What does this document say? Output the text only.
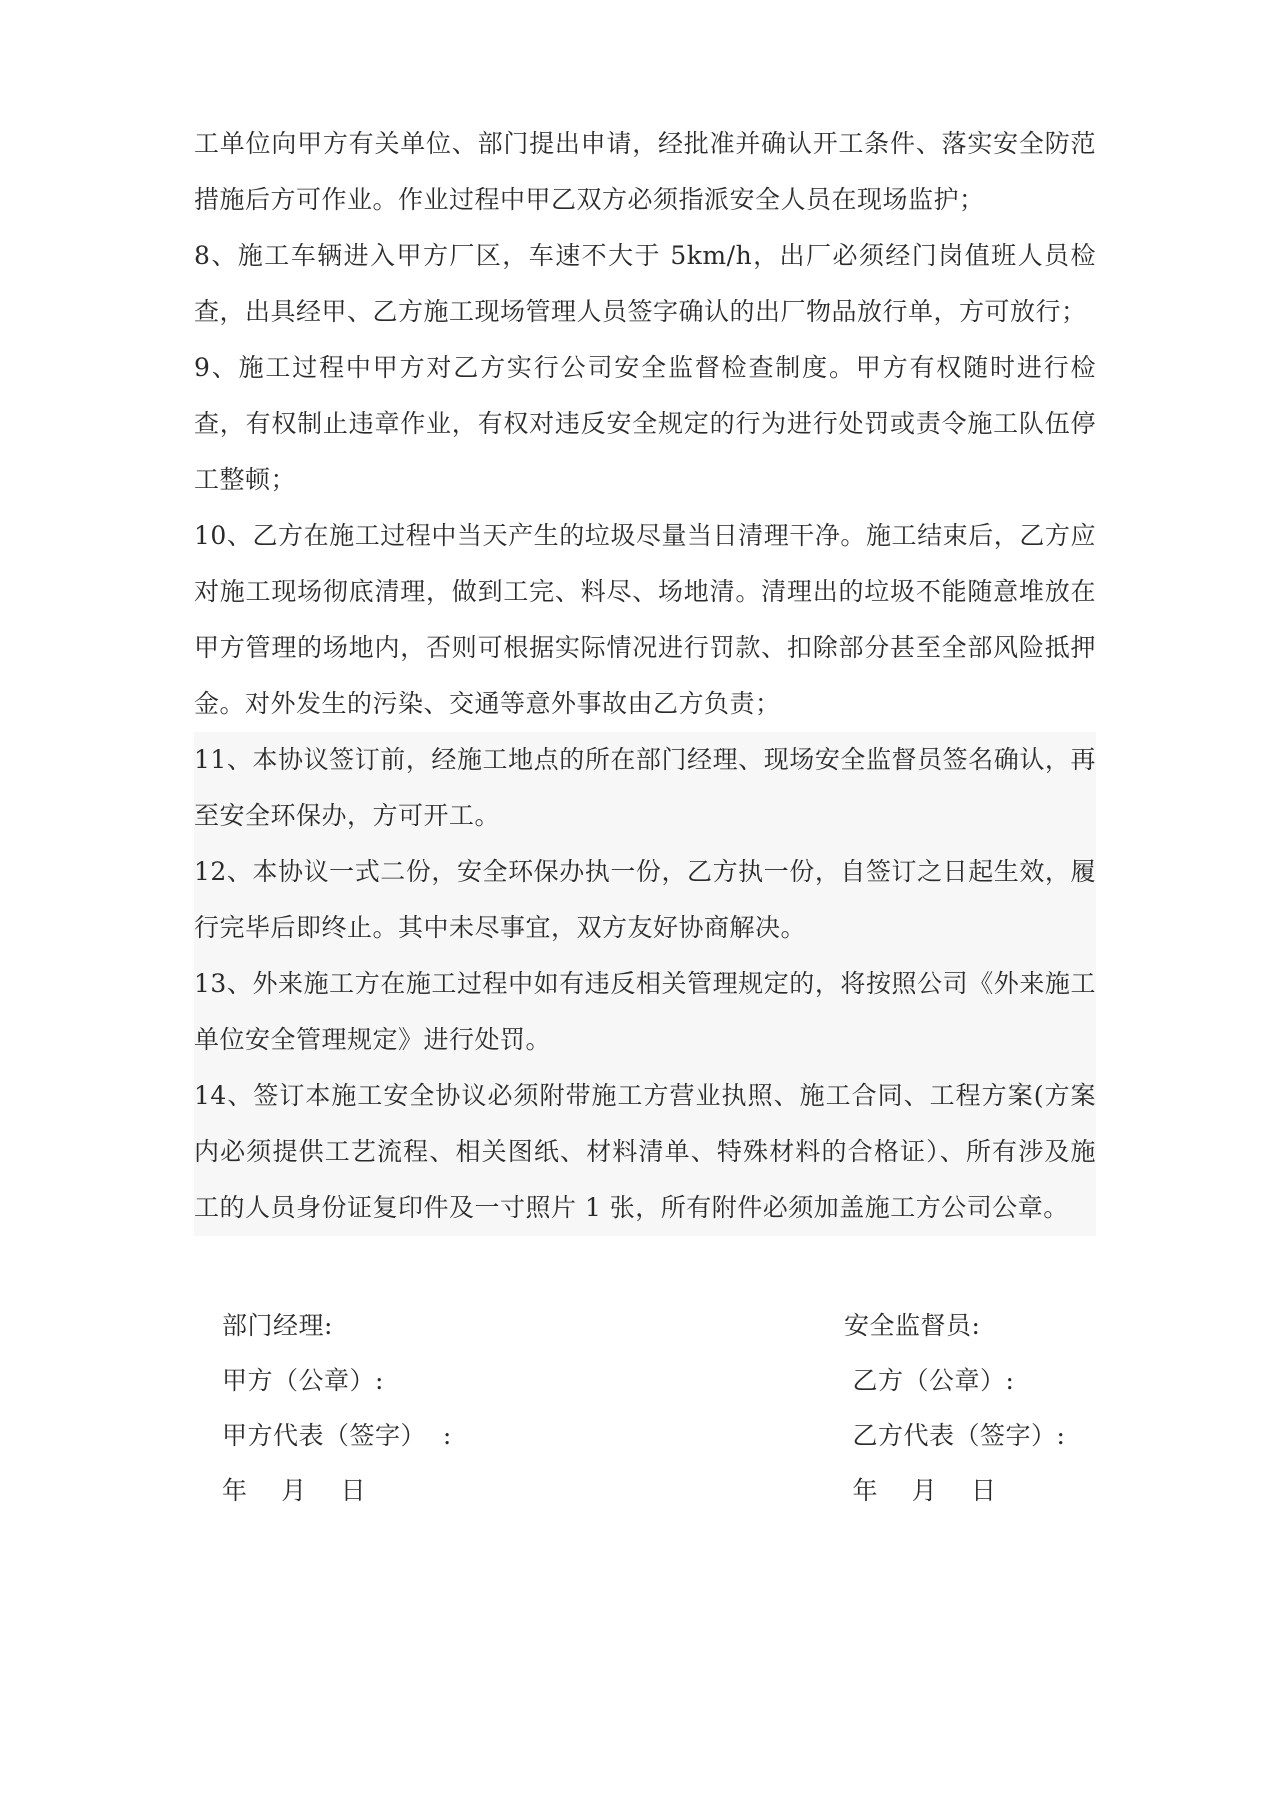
工单位向甲方有关单位、部门提出申请，经批准并确认开工条件、落实安全防范措施后方可作业。作业过程中甲乙双方必须指派安全人员在现场监护；
8、施工车辆进入甲方厂区，车速不大于 5km/h，出厂必须经门岗值班人员检查，出具经甲、乙方施工现场管理人员签字确认的出厂物品放行单，方可放行；
9、施工过程中甲方对乙方实行公司安全监督检查制度。甲方有权随时进行检查，有权制止违章作业，有权对违反安全规定的行为进行处罚或责令施工队伍停工整顿；
10、乙方在施工过程中当天产生的垃圾尽量当日清理干净。施工结束后，乙方应对施工现场彻底清理，做到工完、料尽、场地清。清理出的垃圾不能随意堆放在甲方管理的场地内，否则可根据实际情况进行罚款、扣除部分甚至全部风险抵押金。对外发生的污染、交通等意外事故由乙方负责；
11、本协议签订前，经施工地点的所在部门经理、现场安全监督员签名确认，再至安全环保办，方可开工。
12、本协议一式二份，安全环保办执一份，乙方执一份，自签订之日起生效，履行完毕后即终止。其中未尽事宜，双方友好协商解决。
13、外来施工方在施工过程中如有违反相关管理规定的，将按照公司《外来施工单位安全管理规定》进行处罚。
14、签订本施工安全协议必须附带施工方营业执照、施工合同、工程方案(方案内必须提供工艺流程、相关图纸、材料清单、特殊材料的合格证）、所有涉及施工的人员身份证复印件及一寸照片 1 张，所有附件必须加盖施工方公司公章。
部门经理:
甲方（公章）:
甲方代表（签字）  :
年    月    日
安全监督员:
乙方（公章）:
乙方代表（签字）:
年    月    日
